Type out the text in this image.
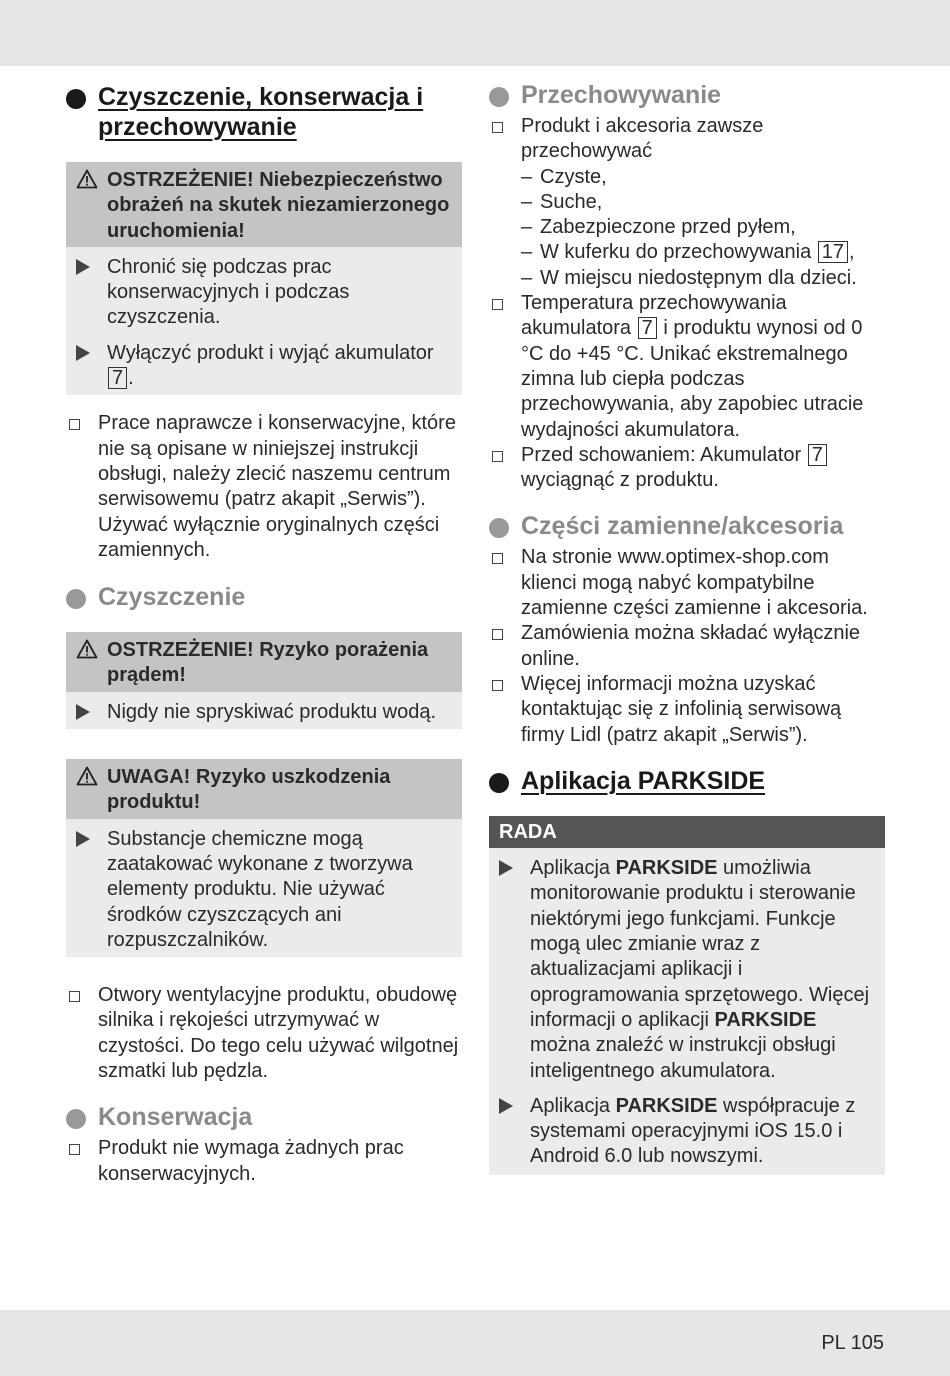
Czyszczenie, konserwacja i przechowywanie
OSTRZEŻENIE! Niebezpieczeństwo obrażeń na skutek niezamierzonego uruchomienia!
Chronić się podczas prac konserwacyjnych i podczas czyszczenia.
Wyłączyć produkt i wyjąć akumulator 7 .
Prace naprawcze i konserwacyjne, które nie są opisane w niniejszej instrukcji obsługi, należy zlecić naszemu centrum serwisowemu (patrz akapit „Serwis”). Używać wyłącznie oryginalnych części zamiennych.
Czyszczenie
OSTRZEŻENIE! Ryzyko porażenia prądem!
Nigdy nie spryskiwać produktu wodą.
UWAGA! Ryzyko uszkodzenia produktu!
Substancje chemiczne mogą zaatakować wykonane z tworzywa elementy produktu. Nie używać środków czyszczących ani rozpuszczalników.
Otwory wentylacyjne produktu, obudowę silnika i rękojeści utrzymywać w czystości. Do tego celu używać wilgotnej szmatki lub pędzla.
Konserwacja
Produkt nie wymaga żadnych prac konserwacyjnych.
Przechowywanie
Produkt i akcesoria zawsze przechowywać
– Czyste,
– Suche,
– Zabezpieczone przed pyłem,
– W kuferku do przechowywania 17 ,
– W miejscu niedostępnym dla dzieci.
Temperatura przechowywania akumulatora 7 i produktu wynosi od 0 °C do +45 °C. Unikać ekstremalnego zimna lub ciepła podczas przechowywania, aby zapobiec utracie wydajności akumulatora.
Przed schowaniem: Akumulator 7 wyciągnąć z produktu.
Części zamienne/akcesoria
Na stronie www.optimex-shop.com klienci mogą nabyć kompatybilne zamienne części zamienne i akcesoria.
Zamówienia można składać wyłącznie online.
Więcej informacji można uzyskać kontaktując się z infolinią serwisową firmy Lidl (patrz akapit „Serwis”).
Aplikacja PARKSIDE
RADA
Aplikacja PARKSIDE umożliwia monitorowanie produktu i sterowanie niektórymi jego funkcjami. Funkcje mogą ulec zmianie wraz z aktualizacjami aplikacji i oprogramowania sprzętowego. Więcej informacji o aplikacji PARKSIDE można znaleźć w instrukcji obsługi inteligentnego akumulatora.
Aplikacja PARKSIDE współpracuje z systemami operacyjnymi iOS 15.0 i Android 6.0 lub nowszymi.
PL 105
